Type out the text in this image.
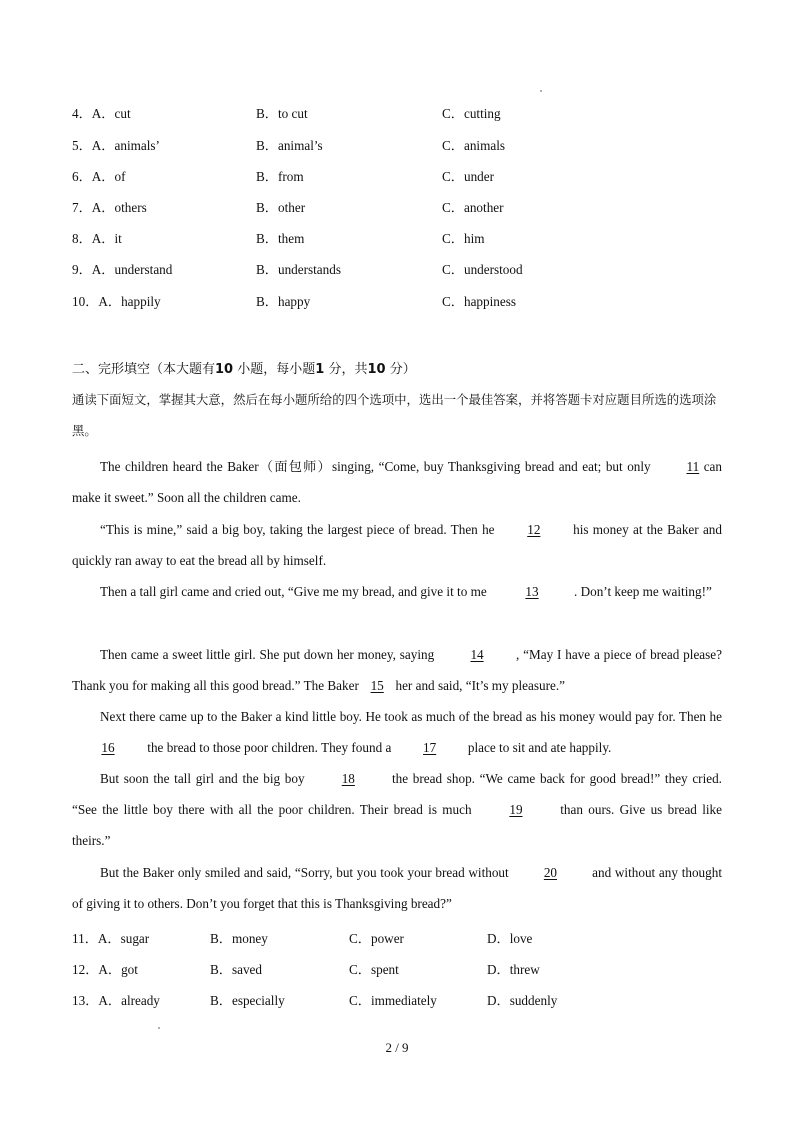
4．A．cut	B．to cut	C．cutting
5．A．animals’	B．animal’s	C．animals
6．A．of	B．from	C．under
7．A．others	B．other	C．another
8．A．it	B．them	C．him
9．A．understand	B．understands	C．understood
10．A．happily	B．happy	C．happiness
二、完形填空（本大题有10 小题，每小题1 分，共10 分）
通读下面短文，掌握其大意，然后在每小题所给的四个选项中，选出一个最佳答案，并将答题卡对应题目所选的选项涂黑。
The children heard the Baker（面包师）singing, “Come, buy Thanksgiving bread and eat; but only 11 can make it sweet.” Soon all the children came.
“This is mine,” said a big boy, taking the largest piece of bread. Then he 12 his money at the Baker and quickly ran away to eat the bread all by himself.
Then a tall girl came and cried out, “Give me my bread, and give it to me	13	. Don’t keep me waiting!”
Then came a sweet little girl. She put down her money, saying 14 , “May I have a piece of bread please? Thank you for making all this good bread.” The Baker 15 her and said, “It’s my pleasure.”
Next there came up to the Baker a kind little boy. He took as much of the bread as his money would pay for. Then he 16 the bread to those poor children. They found a 17 place to sit and ate happily.
But soon the tall girl and the big boy 18 the bread shop. “We came back for good bread!” they cried. “See the little boy there with all the poor children. Their bread is much 19 than ours. Give us bread like theirs.”
But the Baker only smiled and said, “Sorry, but you took your bread without 20 and without any thought of giving it to others. Don’t you forget that this is Thanksgiving bread?”
11．A．sugar	B．money	C．power	D．love
12．A．got	B．saved	C．spent	D．threw
13．A．already	B．especially	C．immediately	D．suddenly
2 / 9
